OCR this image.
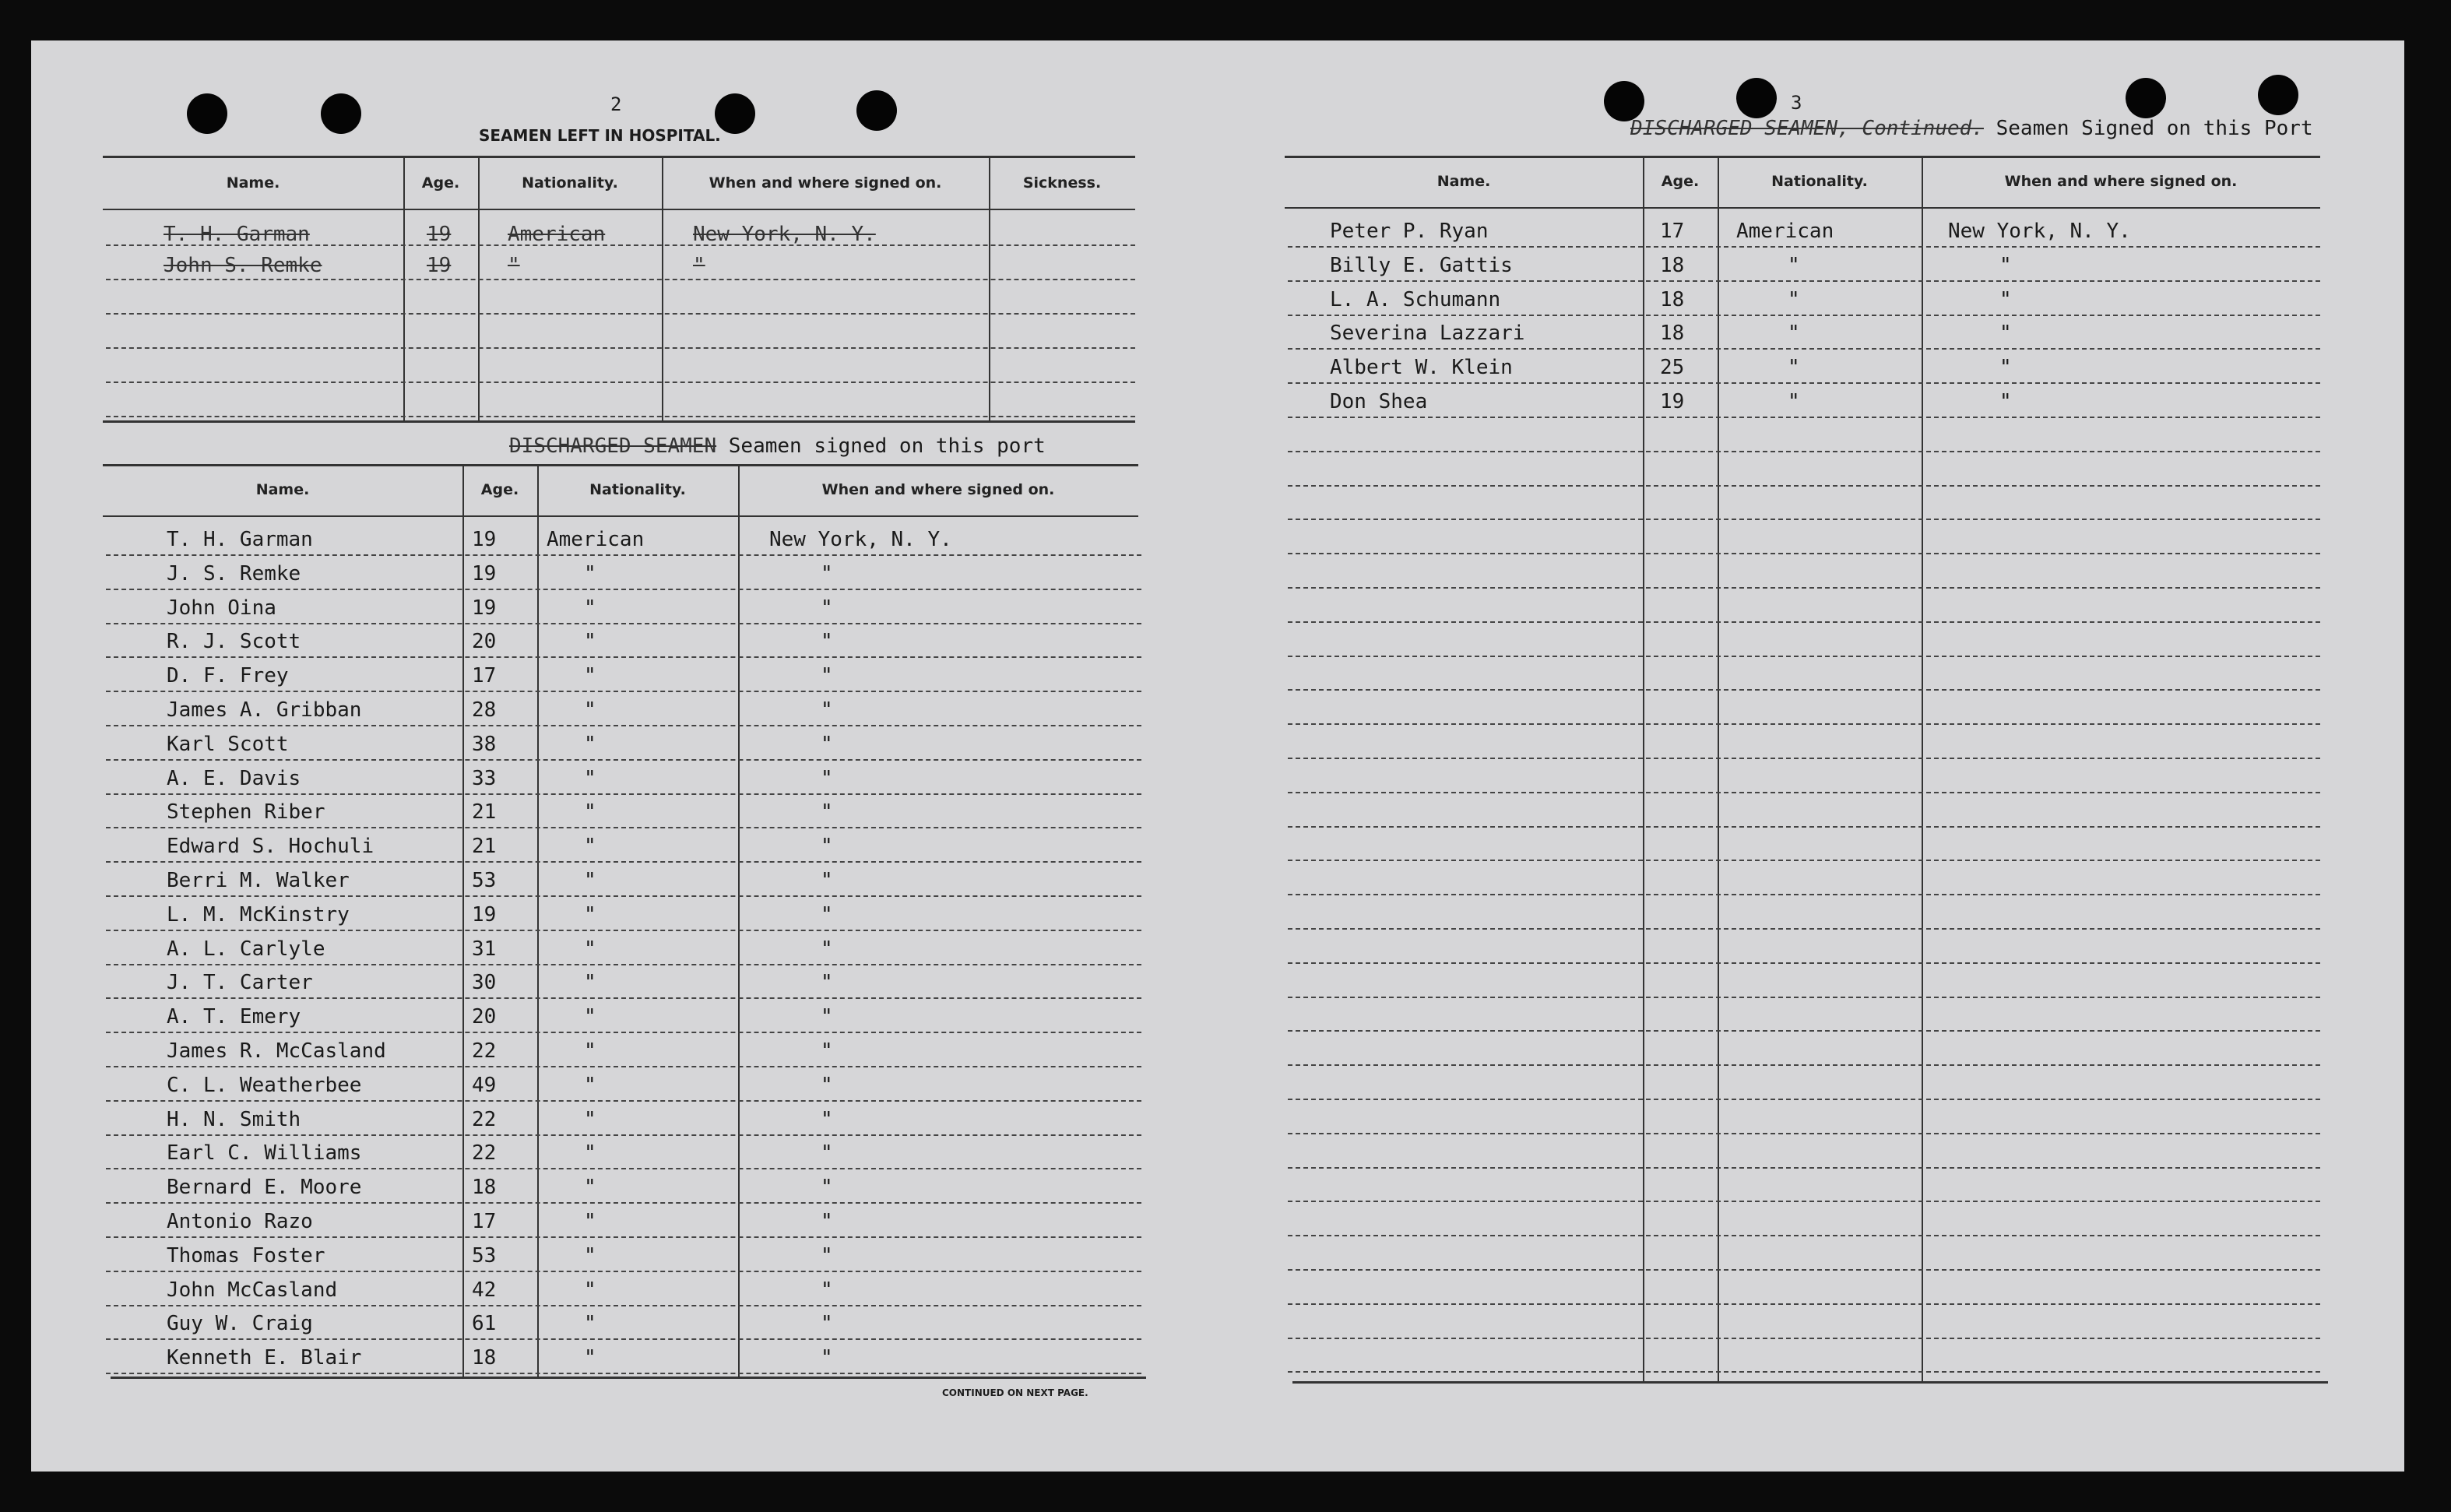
2
SEAMEN LEFT IN HOSPITAL.
Name.	Age.	Nationality.	When and where signed on.	Sickness.
T. H. Garman	19	American	New York, N. Y.
John S. Remke	19	"	"
DISCHARGED SEAMEN Seamen signed on this port
Name.	Age.	Nationality.	When and where signed on.
T. H. Garman	19 American	New York, N. Y.
J. S. Remke	19	"	"
John Oina	19	"	"
R. J. Scott	20	"	"
D. F. Frey	17	"	"
James A. Gribban	28	"	"
Karl Scott	38	"	"
A. E. Davis	33	"	"
Stephen Riber	21	"	"
Edward S. Hochuli	21	"	"
Berri M. Walker	53	"	"
L. M. McKinstry	19	"	"
A. L. Carlyle	31	"	"
J. T. Carter	30	"	"
A. T. Emery	20	"	"
James R. McCasland	22	"	"
C. L. Weatherbee	49	"	"
H. N. Smith	22	"	"
Earl C. Williams	22	"	"
Bernard E. Moore	18	"	"
Antonio Razo	17	"	"
Thomas Foster	53	"	"
John McCasland	42	"	"
Guy W. Craig	61	"	"
Kenneth E. Blair	18	"	"
CONTINUED ON NEXT PAGE.
3
DISCHARGED SEAMEN, Continued. Seamen Signed on this Port
Name.	Age.	Nationality.	When and where signed on.
Peter P. Ryan	17	American	New York, N. Y.
Billy E. Gattis	18	"	"
L. A. Schumann	18	"	"
Severina Lazzari	18	"	"
Albert W. Klein	25	"	"
Don Shea	19	"	"
